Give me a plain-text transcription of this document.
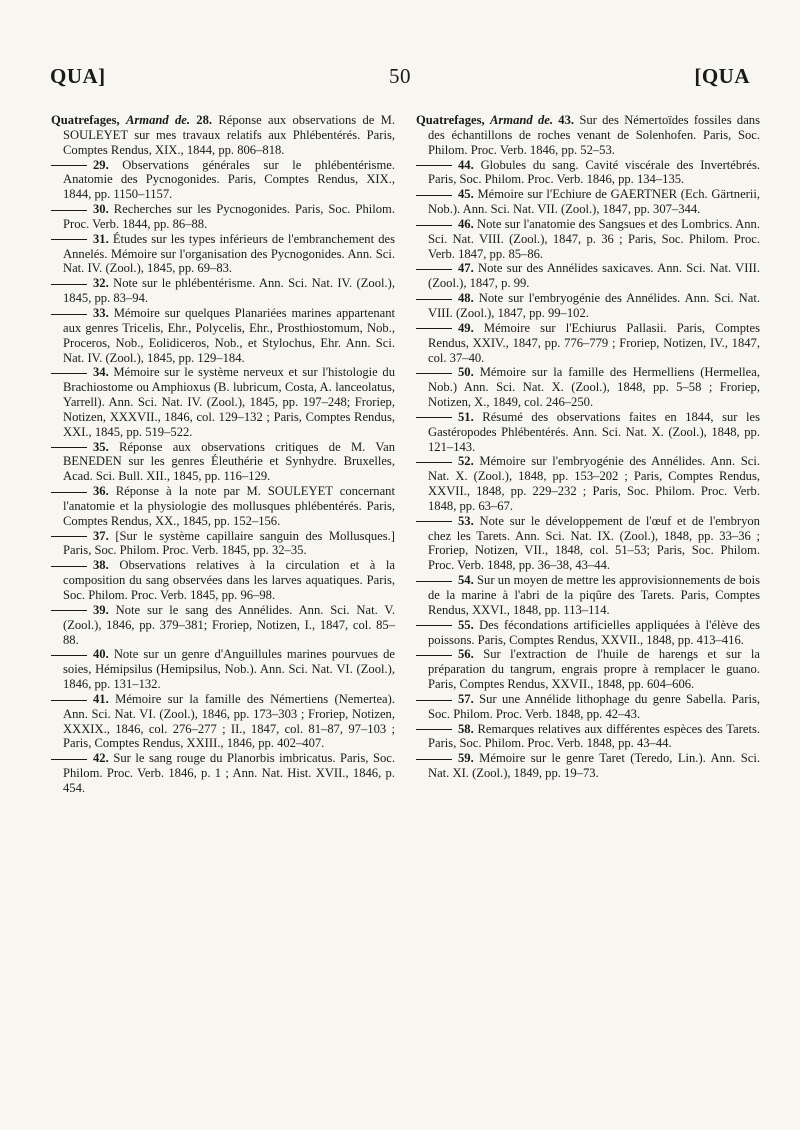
QUA]	50	[QUA

Quatrefages, Armand de. 28. Réponse aux observations de M. SOULEYET sur mes travaux relatifs aux Phlébentérés. Paris, Comptes Rendus, XIX., 1844, pp. 806–818.

29. Observations générales sur le phlébentérisme. Anatomie des Pycnogonides. Paris, Comptes Rendus, XIX., 1844, pp. 1150–1157.

30. Recherches sur les Pycnogonides. Paris, Soc. Philom. Proc. Verb. 1844, pp. 86–88.

31. Études sur les types inférieurs de l'embranchement des Annelés. Mémoire sur l'organisation des Pycnogonides. Ann. Sci. Nat. IV. (Zool.), 1845, pp. 69–83.

32. Note sur le phlébentérisme. Ann. Sci. Nat. IV. (Zool.), 1845, pp. 83–94.

33. Mémoire sur quelques Planariées marines appartenant aux genres Tricelis, Ehr., Polycelis, Ehr., Prosthiostomum, Nob., Proceros, Nob., Eolidiceros, Nob., et Stylochus, Ehr. Ann. Sci. Nat. IV. (Zool.), 1845, pp. 129–184.

34. Mémoire sur le système nerveux et sur l'histologie du Brachiostome ou Amphioxus (B. lubricum, Costa, A. lanceolatus, Yarrell). Ann. Sci. Nat. IV. (Zool.), 1845, pp. 197–248; Froriep, Notizen, XXXVII., 1846, col. 129–132 ; Paris, Comptes Rendus, XXI., 1845, pp. 519–522.

35. Réponse aux observations critiques de M. Van BENEDEN sur les genres Éleuthérie et Synhydre. Bruxelles, Acad. Sci. Bull. XII., 1845, pp. 116–129.

36. Réponse à la note par M. SOULEYET concernant l'anatomie et la physiologie des mollusques phlébentérés. Paris, Comptes Rendus, XX., 1845, pp. 152–156.

37. [Sur le système capillaire sanguin des Mollusques.] Paris, Soc. Philom. Proc. Verb. 1845, pp. 32–35.

38. Observations relatives à la circulation et à la composition du sang observées dans les larves aquatiques. Paris, Soc. Philom. Proc. Verb. 1845, pp. 96–98.

39. Note sur le sang des Annélides. Ann. Sci. Nat. V. (Zool.), 1846, pp. 379–381; Froriep, Notizen, I., 1847, col. 85–88.

40. Note sur un genre d'Anguillules marines pourvues de soies, Hémipsilus (Hemipsilus, Nob.). Ann. Sci. Nat. VI. (Zool.), 1846, pp. 131–132.

41. Mémoire sur la famille des Némertiens (Nemertea). Ann. Sci. Nat. VI. (Zool.), 1846, pp. 173–303 ; Froriep, Notizen, XXXIX., 1846, col. 276–277 ; II., 1847, col. 81–87, 97–103 ; Paris, Comptes Rendus, XXIII., 1846, pp. 402–407.

42. Sur le sang rouge du Planorbis imbricatus. Paris, Soc. Philom. Proc. Verb. 1846, p. 1 ; Ann. Nat. Hist. XVII., 1846, p. 454.

Quatrefages, Armand de. 43. Sur des Némertoïdes fossiles dans des échantillons de roches venant de Solenhofen. Paris, Soc. Philom. Proc. Verb. 1846, pp. 52–53.

44. Globules du sang. Cavité viscérale des Invertébrés. Paris, Soc. Philom. Proc. Verb. 1846, pp. 134–135.

45. Mémoire sur l'Echiure de GAERTNER (Ech. Gärtnerii, Nob.). Ann. Sci. Nat. VII. (Zool.), 1847, pp. 307–344.

46. Note sur l'anatomie des Sangsues et des Lombrics. Ann. Sci. Nat. VIII. (Zool.), 1847, p. 36 ; Paris, Soc. Philom. Proc. Verb. 1847, pp. 85–86.

47. Note sur des Annélides saxicaves. Ann. Sci. Nat. VIII. (Zool.), 1847, p. 99.

48. Note sur l'embryogénie des Annélides. Ann. Sci. Nat. VIII. (Zool.), 1847, pp. 99–102.

49. Mémoire sur l'Echiurus Pallasii. Paris, Comptes Rendus, XXIV., 1847, pp. 776–779 ; Froriep, Notizen, IV., 1847, col. 37–40.

50. Mémoire sur la famille des Hermelliens (Hermellea, Nob.) Ann. Sci. Nat. X. (Zool.), 1848, pp. 5–58 ; Froriep, Notizen, X., 1849, col. 246–250.

51. Résumé des observations faites en 1844, sur les Gastéropodes Phlébentérés. Ann. Sci. Nat. X. (Zool.), 1848, pp. 121–143.

52. Mémoire sur l'embryogénie des Annélides. Ann. Sci. Nat. X. (Zool.), 1848, pp. 153–202 ; Paris, Comptes Rendus, XXVII., 1848, pp. 229–232 ; Paris, Soc. Philom. Proc. Verb. 1848, pp. 63–67.

53. Note sur le développement de l'œuf et de l'embryon chez les Tarets. Ann. Sci. Nat. IX. (Zool.), 1848, pp. 33–36 ; Froriep, Notizen, VII., 1848, col. 51–53; Paris, Soc. Philom. Proc. Verb. 1848, pp. 36–38, 43–44.

54. Sur un moyen de mettre les approvisionnements de bois de la marine à l'abri de la piqûre des Tarets. Paris, Comptes Rendus, XXVI., 1848, pp. 113–114.

55. Des fécondations artificielles appliquées à l'élève des poissons. Paris, Comptes Rendus, XXVII., 1848, pp. 413–416.

56. Sur l'extraction de l'huile de harengs et sur la préparation du tangrum, engrais propre à remplacer le guano. Paris, Comptes Rendus, XXVII., 1848, pp. 604–606.

57. Sur une Annélide lithophage du genre Sabella. Paris, Soc. Philom. Proc. Verb. 1848, pp. 42–43.

58. Remarques relatives aux différentes espèces des Tarets. Paris, Soc. Philom. Proc. Verb. 1848, pp. 43–44.

59. Mémoire sur le genre Taret (Teredo, Lin.). Ann. Sci. Nat. XI. (Zool.), 1849, pp. 19–73.
